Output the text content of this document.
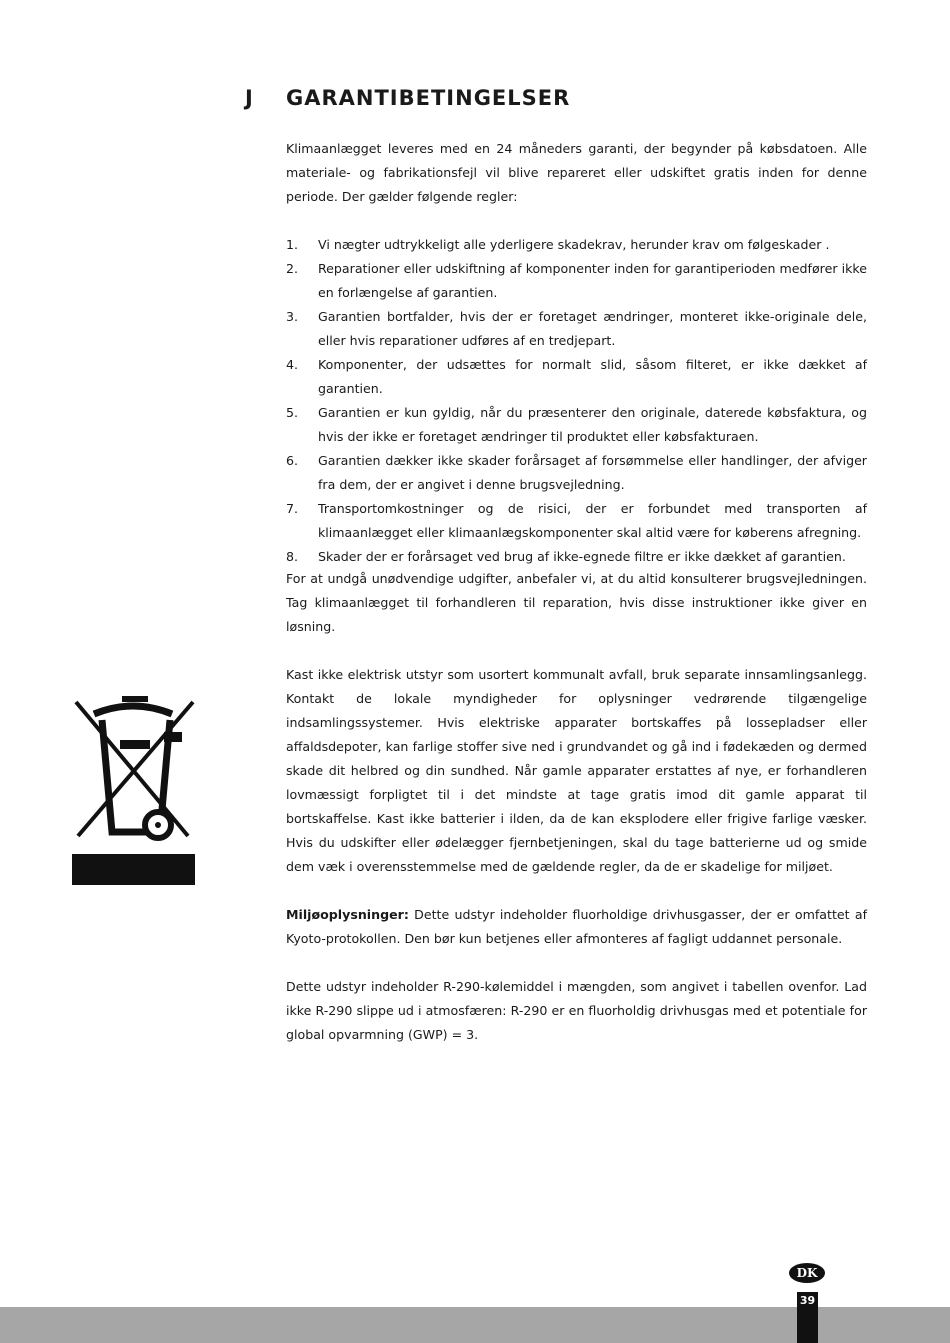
J GARANTIBETINGELSER

Klimaanlægget leveres med en 24 måneders garanti, der begynder på købsdatoen. Alle materiale- og fabrikationsfejl vil blive repareret eller udskiftet gratis inden for denne periode. Der gælder følgende regler:

1. Vi nægter udtrykkeligt alle yderligere skadekrav, herunder krav om følgeskader .
2. Reparationer eller udskiftning af komponenter inden for garantiperioden medfører ikke en forlængelse af garantien.
3. Garantien bortfalder, hvis der er foretaget ændringer, monteret ikke-originale dele, eller hvis reparationer udføres af en tredjepart.
4. Komponenter, der udsættes for normalt slid, såsom filteret, er ikke dækket af garantien.
5. Garantien er kun gyldig, når du præsenterer den originale, daterede købsfaktura, og hvis der ikke er foretaget ændringer til produktet eller købsfakturaen.
6. Garantien dækker ikke skader forårsaget af forsømmelse eller handlinger, der afviger fra dem, der er angivet i denne brugsvejledning.
7. Transportomkostninger og de risici, der er forbundet med transporten af klimaanlægget eller klimaanlægskomponenter skal altid være for køberens afregning.
8. Skader der er forårsaget ved brug af ikke-egnede filtre er ikke dækket af garantien.

For at undgå unødvendige udgifter, anbefaler vi, at du altid konsulterer brugsvejledningen. Tag klimaanlægget til forhandleren til reparation, hvis disse instruktioner ikke giver en løsning.

Kast ikke elektrisk utstyr som usortert kommunalt avfall, bruk separate innsamlingsanlegg. Kontakt de lokale myndigheder for oplysninger vedrørende tilgængelige indsamlingssystemer. Hvis elektriske apparater bortskaffes på lossepladser eller affaldsdepoter, kan farlige stoffer sive ned i grundvandet og gå ind i fødekæden og dermed skade dit helbred og din sundhed. Når gamle apparater erstattes af nye, er forhandleren lovmæssigt forpligtet til i det mindste at tage gratis imod dit gamle apparat til bortskaffelse. Kast ikke batterier i ilden, da de kan eksplodere eller frigive farlige væsker. Hvis du udskifter eller ødelægger fjernbetjeningen, skal du tage batterierne ud og smide dem væk i overensstemmelse med de gældende regler, da de er skadelige for miljøet.

Miljøoplysninger: Dette udstyr indeholder fluorholdige drivhusgasser, der er omfattet af Kyoto-protokollen. Den bør kun betjenes eller afmonteres af fagligt uddannet personale.

Dette udstyr indeholder R-290-kølemiddel i mængden, som angivet i tabellen ovenfor. Lad ikke R-290 slippe ud i atmosfæren: R-290 er en fluorholdig drivhusgas med et potentiale for global opvarmning (GWP) = 3.

DK
39
